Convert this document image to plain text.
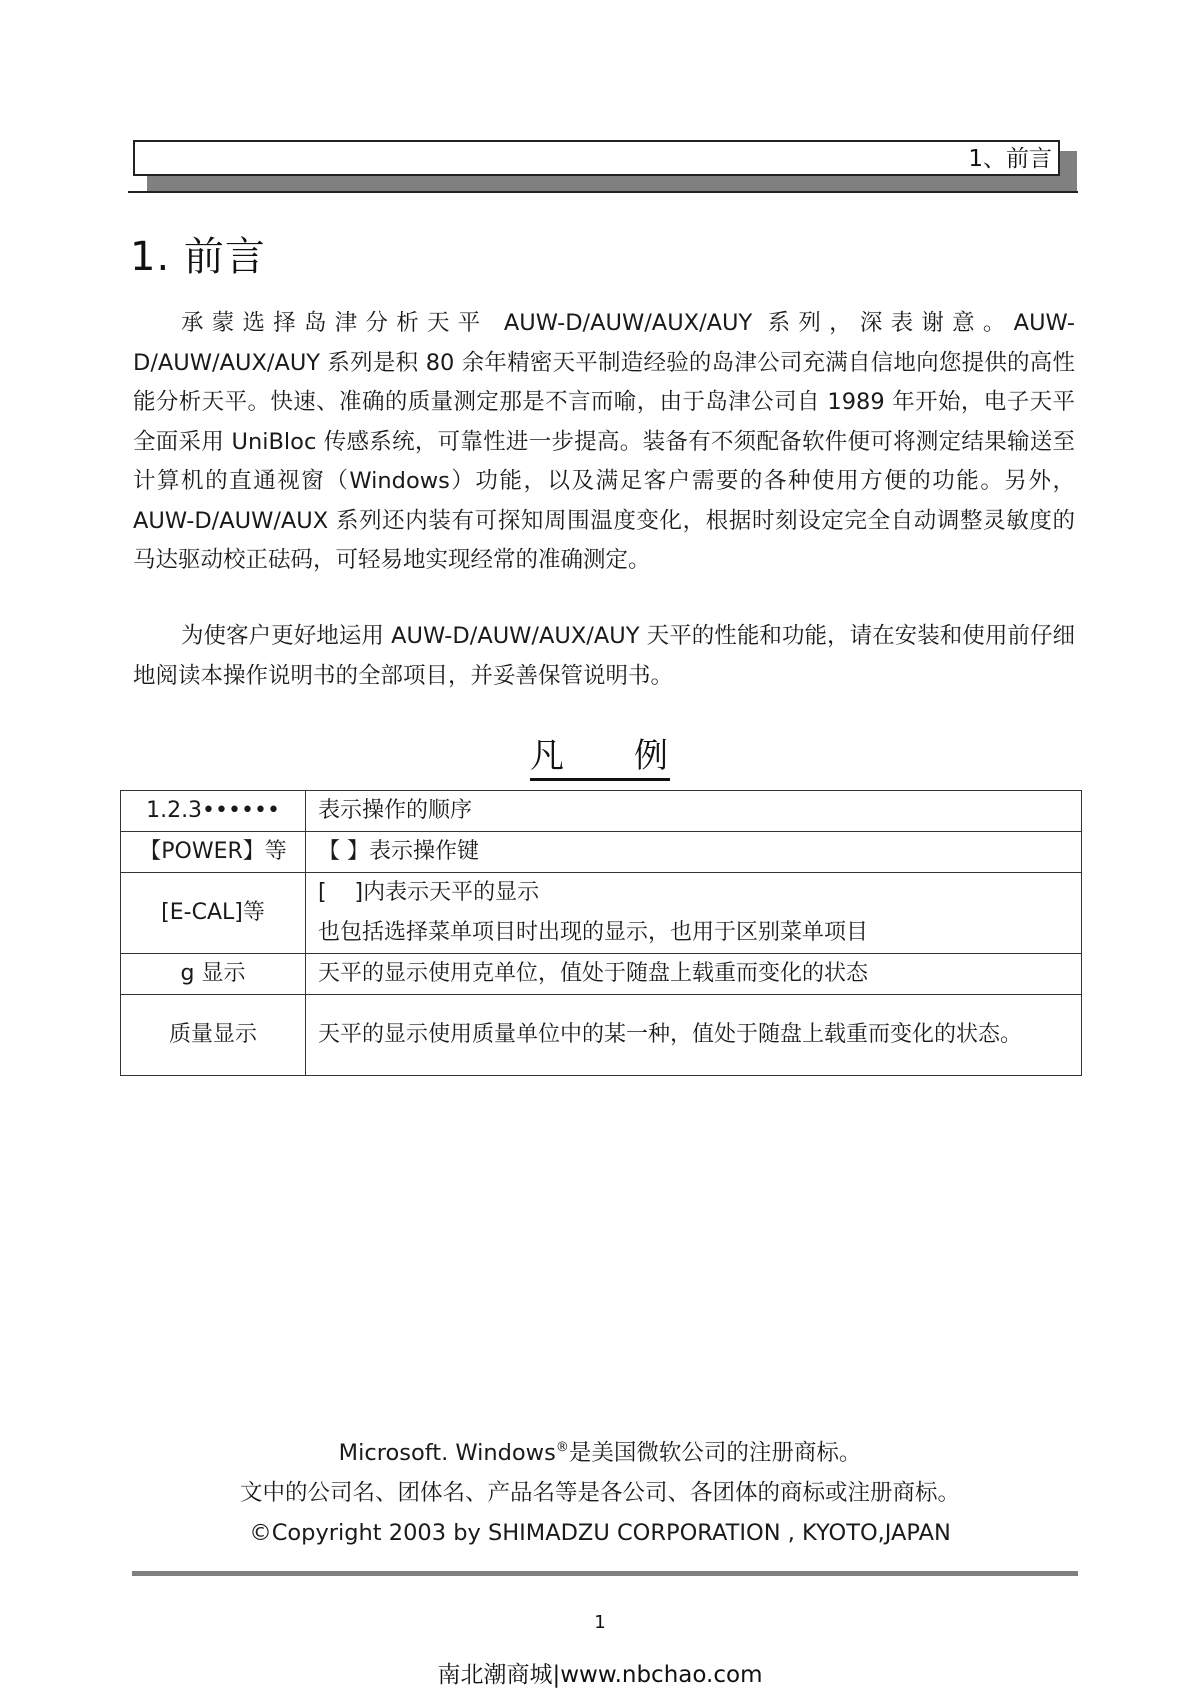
1、前言
1. 前言

承蒙选择岛津分析天平 AUW-D/AUW/AUX/AUY 系列，深表谢意。AUW-D/AUW/AUX/AUY 系列是积 80 余年精密天平制造经验的岛津公司充满自信地向您提供的高性能分析天平。快速、准确的质量测定那是不言而喻，由于岛津公司自 1989 年开始，电子天平全面采用 UniBloc 传感系统，可靠性进一步提高。装备有不须配备软件便可将测定结果输送至计算机的直通视窗（Windows）功能，以及满足客户需要的各种使用方便的功能。另外，AUW-D/AUW/AUX 系列还内装有可探知周围温度变化，根据时刻设定完全自动调整灵敏度的马达驱动校正砝码，可轻易地实现经常的准确测定。

为使客户更好地运用 AUW-D/AUW/AUX/AUY 天平的性能和功能，请在安装和使用前仔细地阅读本操作说明书的全部项目，并妥善保管说明书。

凡 例
1.2.3••••••	表示操作的顺序

【POWER】等	【 】表示操作键

[E-CAL]等	[    ]内表示天平的显示
也包括选择菜单项目时出现的显示，也用于区别菜单项目

g 显示	天平的显示使用克单位，值处于随盘上载重而变化的状态

质量显示	天平的显示使用质量单位中的某一种，值处于随盘上载重而变化的状态。
Microsoft. Windows®是美国微软公司的注册商标。
文中的公司名、团体名、产品名等是各公司、各团体的商标或注册商标。
©Copyright 2003 by SHIMADZU CORPORATION , KYOTO,JAPAN
1
南北潮商城|www.nbchao.com
